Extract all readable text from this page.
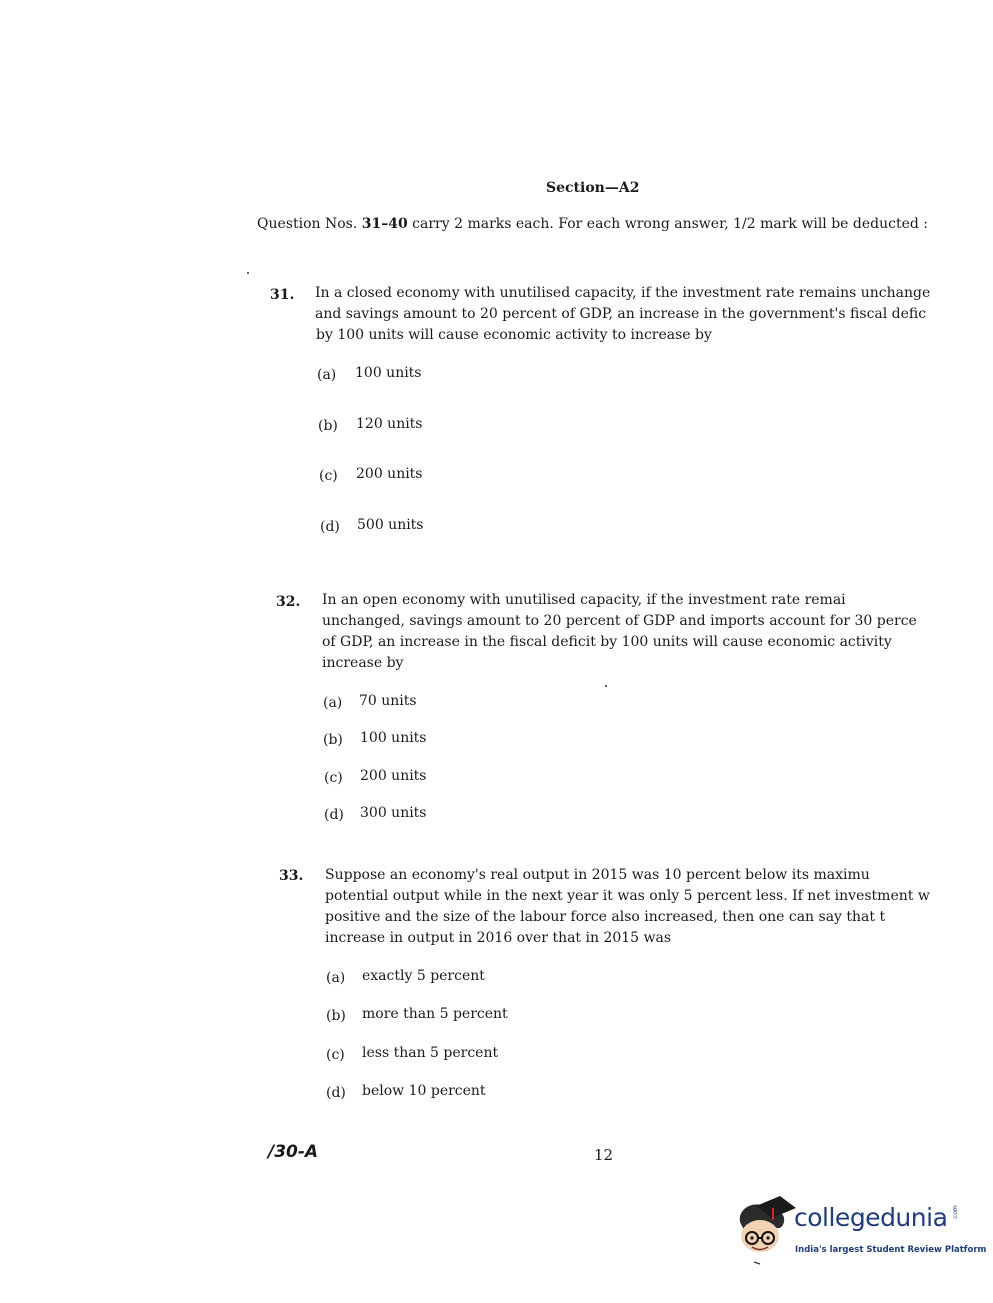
Section—A2
Question Nos. 31–40 carry 2 marks each. For each wrong answer, 1/2 mark will be deducted :
31. In a closed economy with unutilised capacity, if the investment rate remains unchange
and savings amount to 20 percent of GDP, an increase in the government's fiscal defic
by 100 units will cause economic activity to increase by
(a) 100 units
(b) 120 units
(c) 200 units
(d) 500 units
32. In an open economy with unutilised capacity, if the investment rate remai
unchanged, savings amount to 20 percent of GDP and imports account for 30 perce
of GDP, an increase in the fiscal deficit by 100 units will cause economic activity
increase by
(a) 70 units
(b) 100 units
(c) 200 units
(d) 300 units
33. Suppose an economy's real output in 2015 was 10 percent below its maximu
potential output while in the next year it was only 5 percent less. If net investment w
positive and the size of the labour force also increased, then one can say that t
increase in output in 2016 over that in 2015 was
(a) exactly 5 percent
(b) more than 5 percent
(c) less than 5 percent
(d) below 10 percent
/30-A	12
collegedunia .com
India's largest Student Review Platform
